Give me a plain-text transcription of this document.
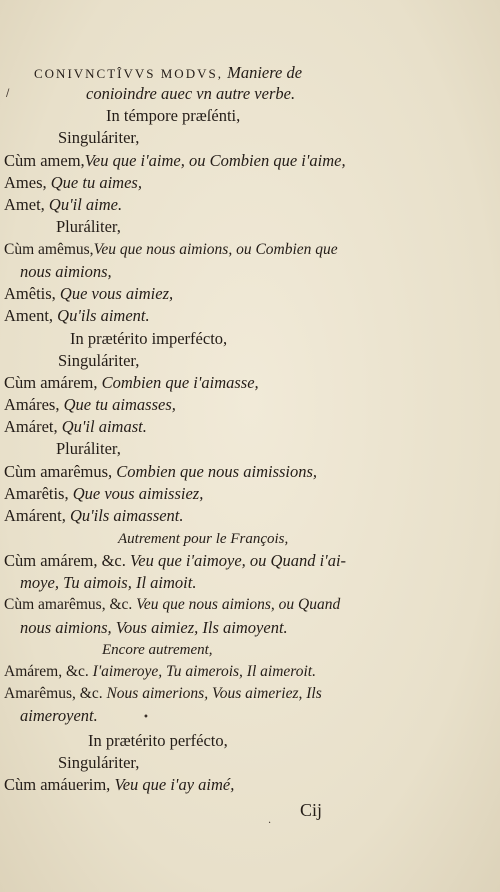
CONIVNCTÎVVS MODVS, Maniere de
conioindre auec vn autre verbe.
In témpore præſénti,
Singuláriter,
Cùm amem,Veu que i'aime, ou Combien que i'aime,
Ames, Que tu aimes,
Amet, Qu'il aime.
Pluráliter,
Cùm amêmus,Veu que nous aimions, ou Combien que
nous aimions,
Amêtis, Que vous aimiez,
Ament, Qu'ils aiment.
In prætérito imperfécto,
Singuláriter,
Cùm amárem, Combien que i'aimasse,
Amáres, Que tu aimasses,
Amáret, Qu'il aimast.
Pluráliter,
Cùm amarêmus, Combien que nous aimissions,
Amarêtis, Que vous aimissiez,
Amárent, Qu'ils aimassent.
Autrement pour le François,
Cùm amárem, &c. Veu que i'aimoye, ou Quand i'ai-
moye, Tu aimois, Il aimoit.
Cùm amarêmus, &c. Veu que nous aimions, ou Quand
nous aimions, Vous aimiez, Ils aimoyent.
Encore autrement,
Amárem, &c. I'aimeroye, Tu aimerois, Il aimeroit.
Amarêmus, &c. Nous aimerions, Vous aimeriez, Ils
aimeroyent.
In prætérito perfécto,
Singuláriter,
Cùm amáuerim, Veu que i'ay aimé,
Cij
/
•
.
